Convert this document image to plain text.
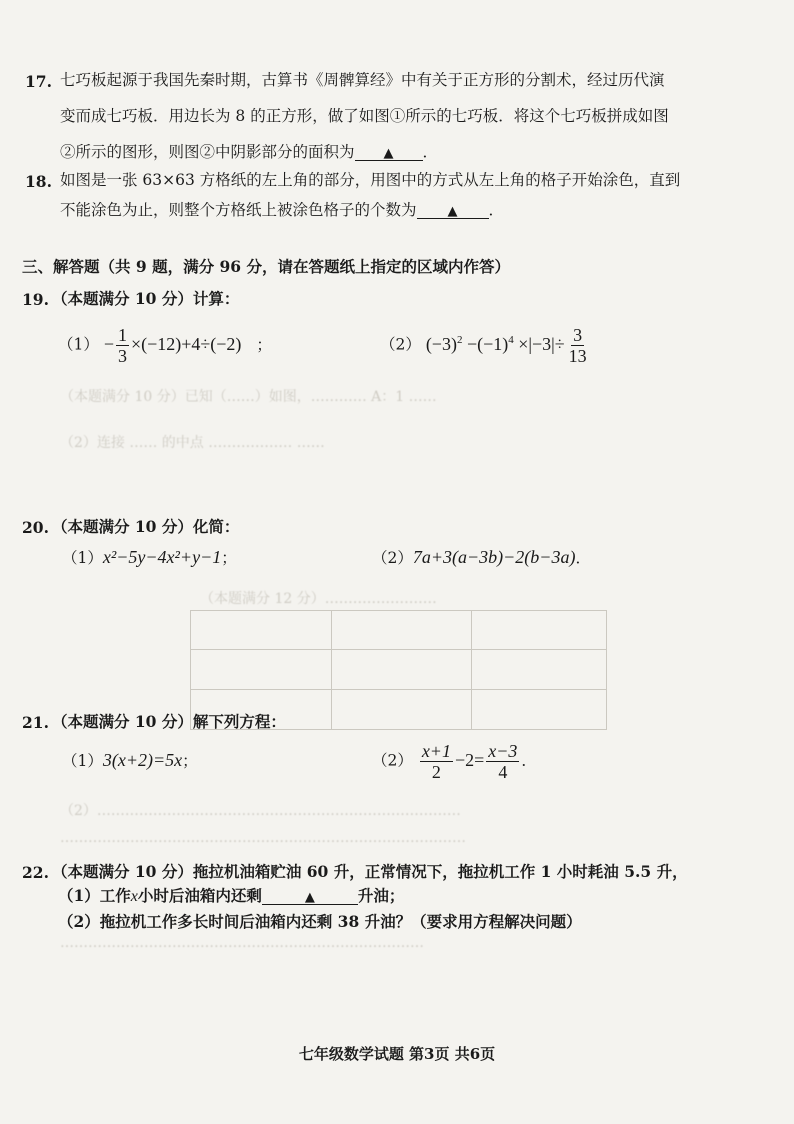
（本题满分 10 分）已知（……）如图，………… A：1 ……
（2）连接 …… 的中点 ……………… ……
（本题满分 12 分）……………………
（2）……………………………………………………………………
……………………………………………………………………………
……………………………………………………………………
17. 七巧板起源于我国先秦时期，古算书《周髀算经》中有关于正方形的分割术，经过历代演
变而成七巧板．用边长为 8 的正方形，做了如图①所示的七巧板．将这个七巧板拼成如图
②所示的图形，则图②中阴影部分的面积为 ▲ ．
18. 如图是一张 63×63 方格纸的左上角的部分，用图中的方式从左上角的格子开始涂色，直到
不能涂色为止，则整个方格纸上被涂色格子的个数为 ▲ ．
三、解答题（共 9 题，满分 96 分，请在答题纸上指定的区域内作答）
19. （本题满分 10 分）计算：
$(1) - \frac{1}{3} \times(-12)+4\div(-2)$ ；	（2） $(-3)^2 -(-1)^4 \times|-3|\div \frac{3}{13}$
20. （本题满分 10 分）化简：
（1）x²−5y−4x²+y−1；	（2）7a+3(a−3b)−2(b−3a)．
21. （本题满分 10 分）解下列方程：
（1）3(x+2)=5x；	$(2) \frac{x+1}{2} -2= \frac{x-3}{4}$ ．
22. （本题满分 10 分）拖拉机油箱贮油 60 升，正常情况下，拖拉机工作 1 小时耗油 5.5 升，
（1）工作x小时后油箱内还剩	▲	升油；
（2）拖拉机工作多长时间后油箱内还剩 38 升油？（要求用方程解决问题）
七年级数学试题 第3页 共6页
